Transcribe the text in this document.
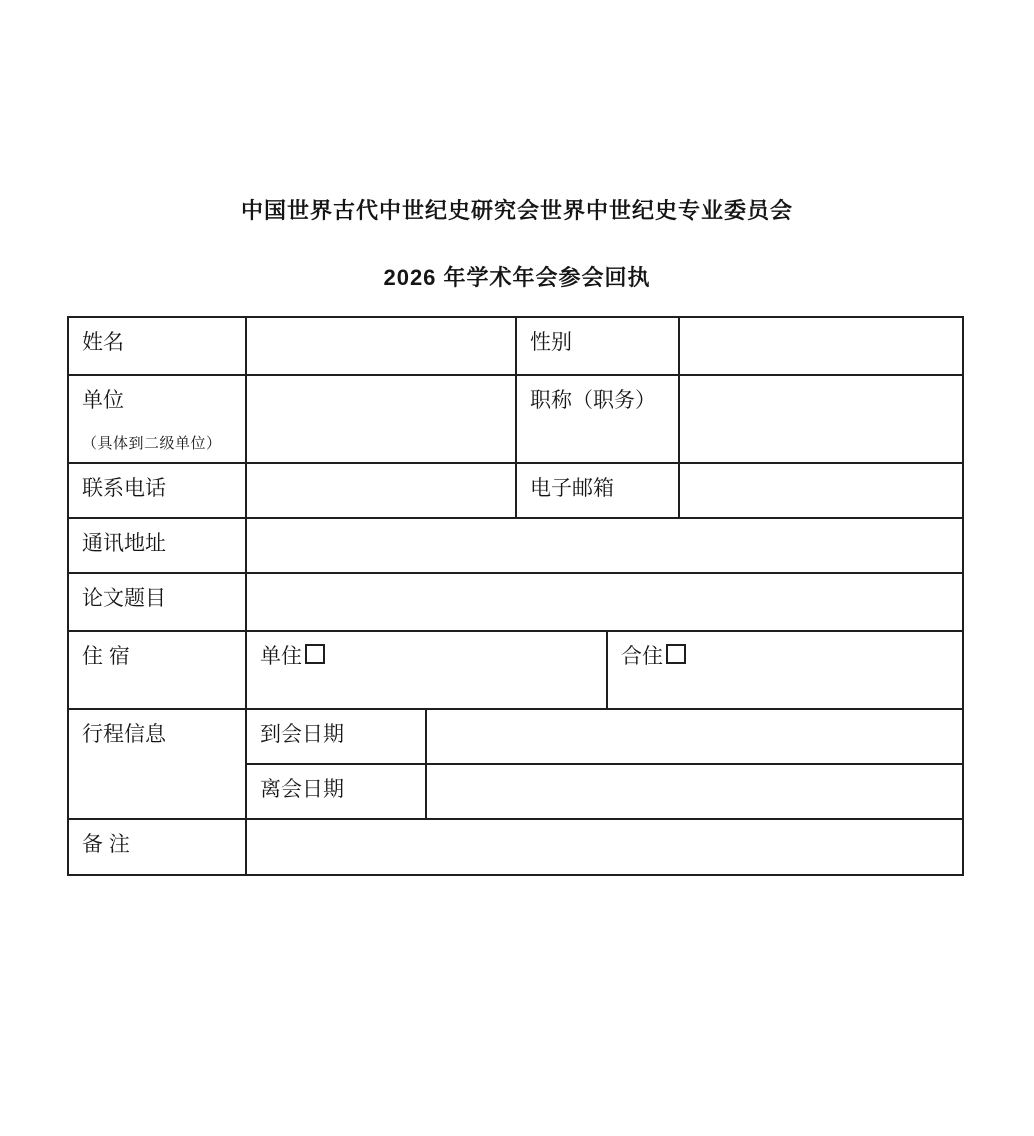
中国世界古代中世纪史研究会世界中世纪史专业委员会
2026 年学术年会参会回执
姓名			性别		
单位
（具体到二级单位）			职称（职务）		
联系电话			电子邮箱		
通讯地址					
论文题目					
住 宿	单住			合住	
行程信息	到会日期				
	离会日期				
备 注					
